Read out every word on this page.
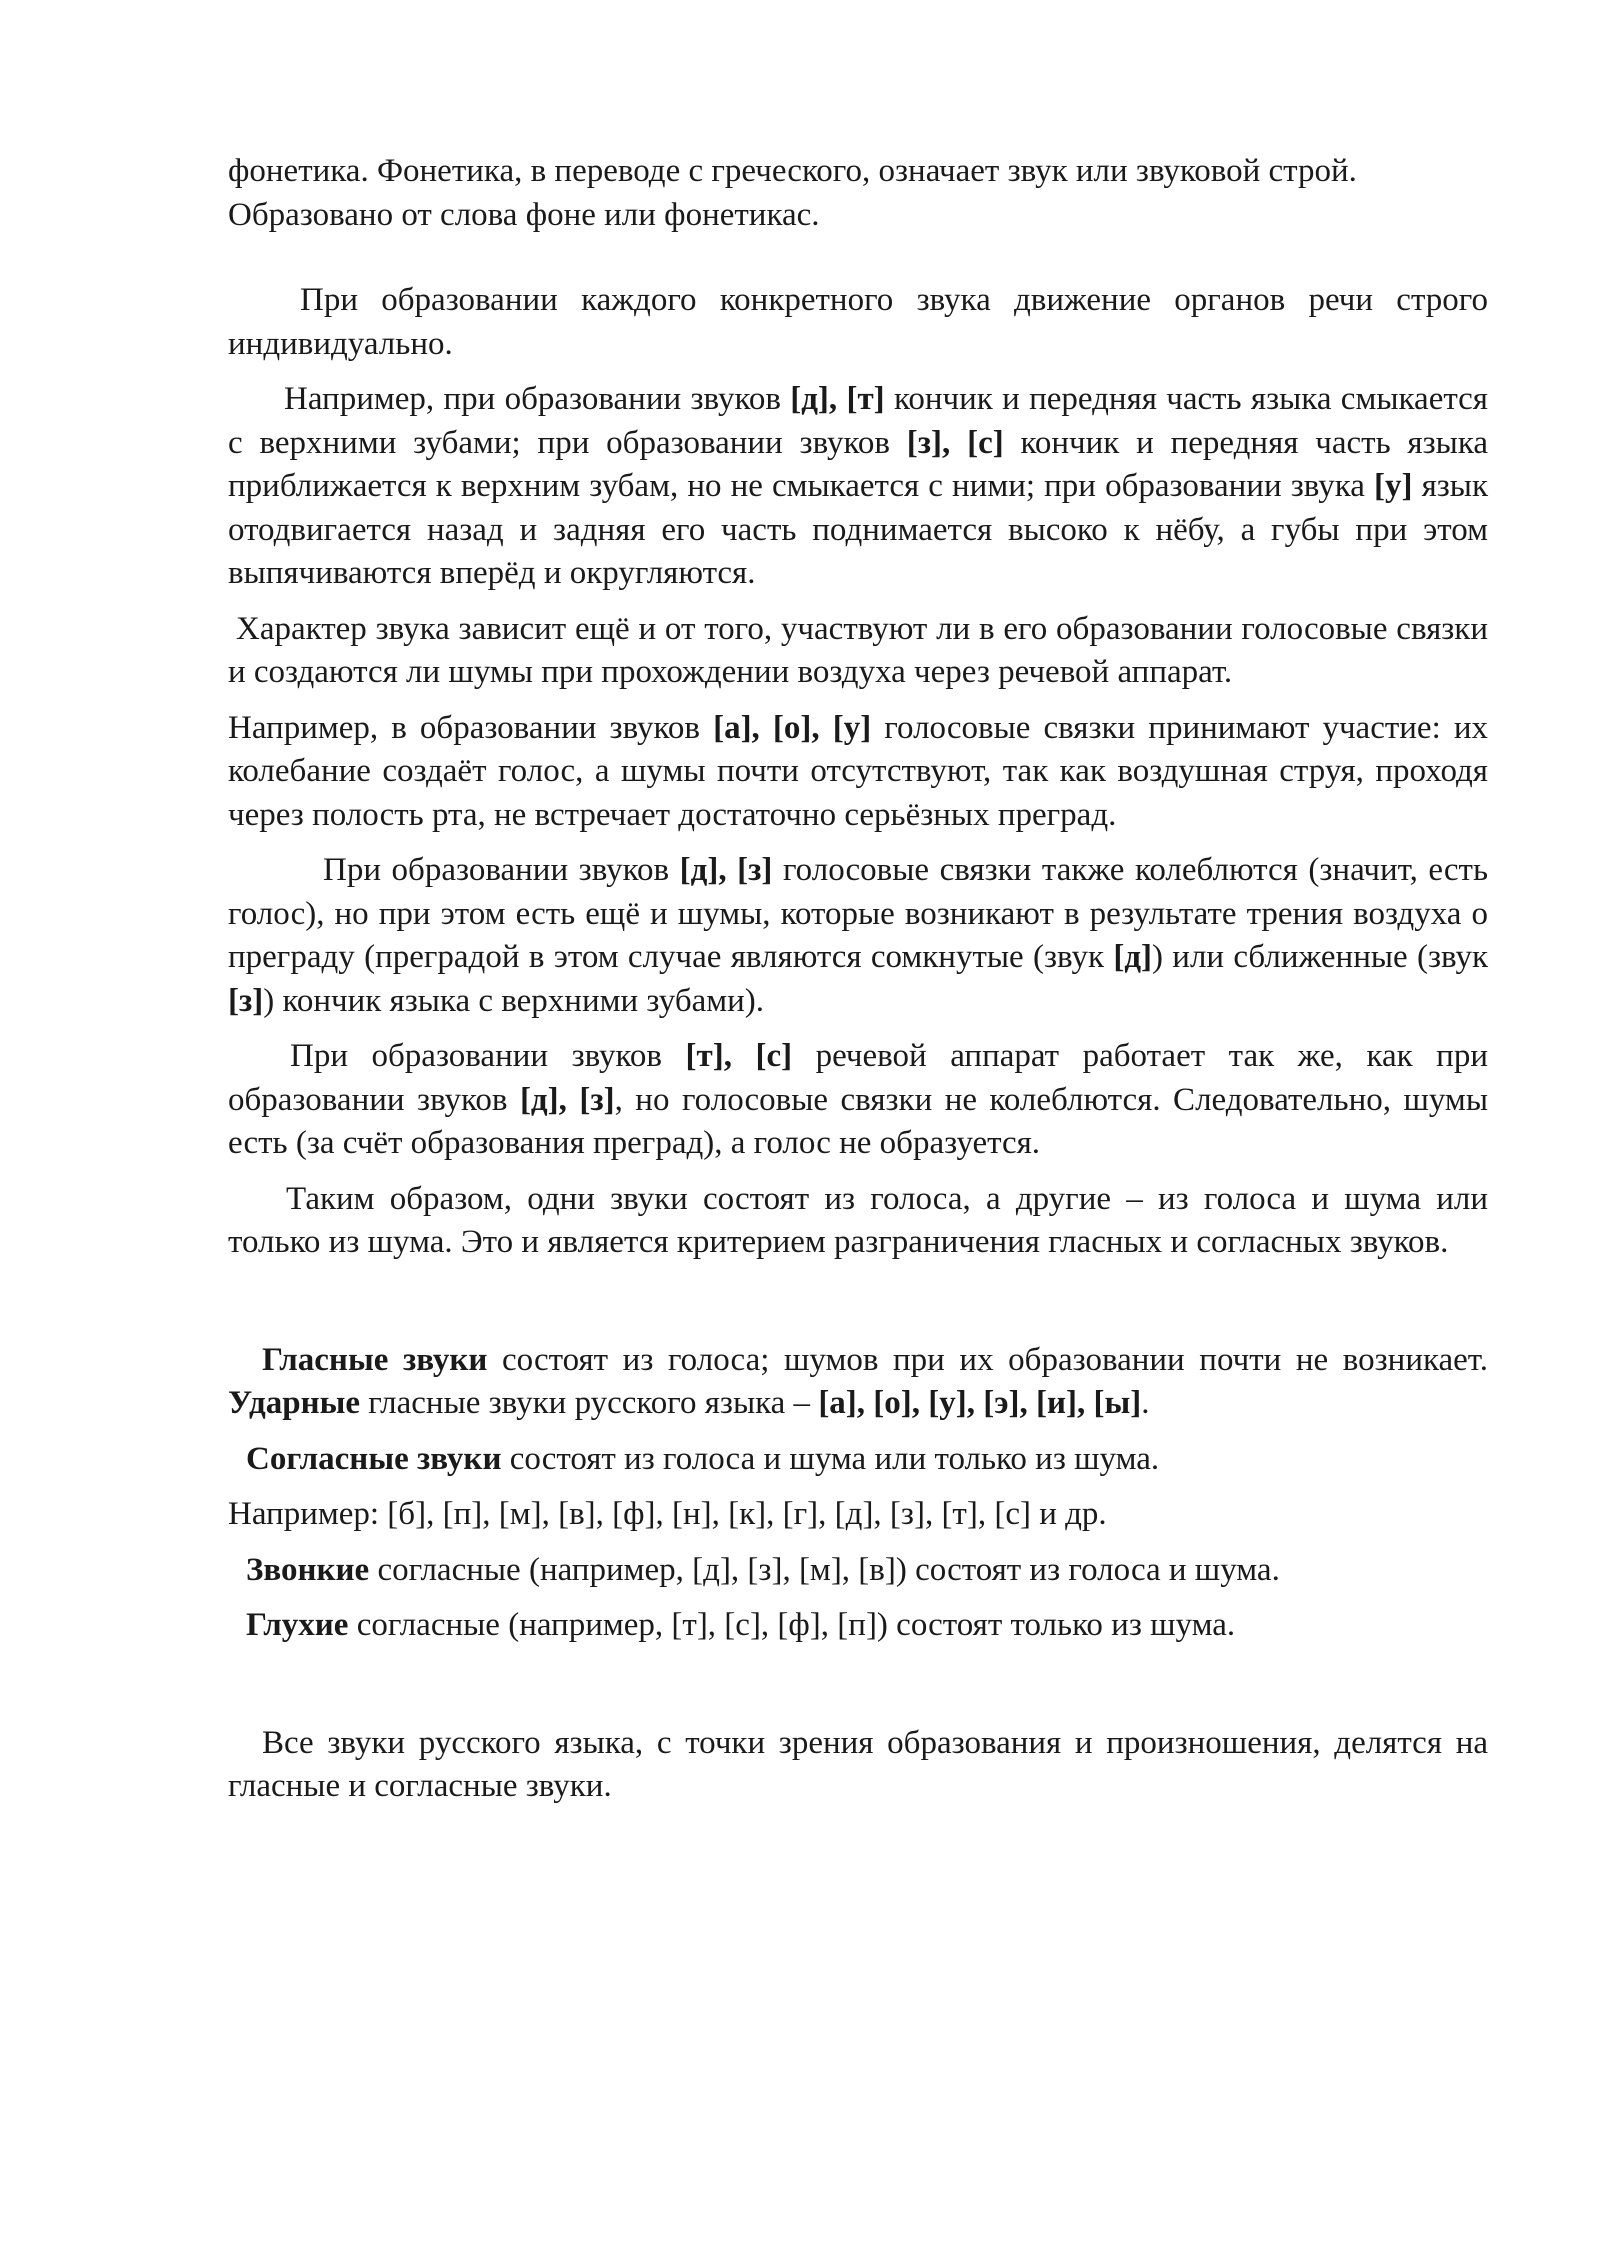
фонетика. Фонетика, в переводе с греческого, означает звук или звуковой строй. Образовано от слова фоне или фонетикас.

При образовании каждого конкретного звука движение органов речи строго индивидуально.

Например, при образовании звуков [д], [т] кончик и передняя часть языка смыкается с верхними зубами; при образовании звуков [з], [с] кончик и передняя часть языка приближается к верхним зубам, но не смыкается с ними; при образовании звука [у] язык отодвигается назад и задняя его часть поднимается высоко к нёбу, а губы при этом выпячиваются вперёд и округляются.

Характер звука зависит ещё и от того, участвуют ли в его образовании голосовые связки и создаются ли шумы при прохождении воздуха через речевой аппарат.

Например, в образовании звуков [а], [о], [у] голосовые связки принимают участие: их колебание создаёт голос, а шумы почти отсутствуют, так как воздушная струя, проходя через полость рта, не встречает достаточно серьёзных преград.

При образовании звуков [д], [з] голосовые связки также колеблются (значит, есть голос), но при этом есть ещё и шумы, которые возникают в результате трения воздуха о преграду (преградой в этом случае являются сомкнутые (звук [д]) или сближенные (звук [з]) кончик языка с верхними зубами).

При образовании звуков [т], [с] речевой аппарат работает так же, как при образовании звуков [д], [з], но голосовые связки не колеблются. Следовательно, шумы есть (за счёт образования преград), а голос не образуется.

Таким образом, одни звуки состоят из голоса, а другие – из голоса и шума или только из шума. Это и является критерием разграничения гласных и согласных звуков.

Гласные звуки состоят из голоса; шумов при их образовании почти не возникает. Ударные гласные звуки русского языка – [а], [о], [у], [э], [и], [ы].

Согласные звуки состоят из голоса и шума или только из шума.

Например: [б], [п], [м], [в], [ф], [н], [к], [г], [д], [з], [т], [с] и др.

Звонкие согласные (например, [д], [з], [м], [в]) состоят из голоса и шума.

Глухие согласные (например, [т], [с], [ф], [п]) состоят только из шума.

Все звуки русского языка, с точки зрения образования и произношения, делятся на гласные и согласные звуки.
